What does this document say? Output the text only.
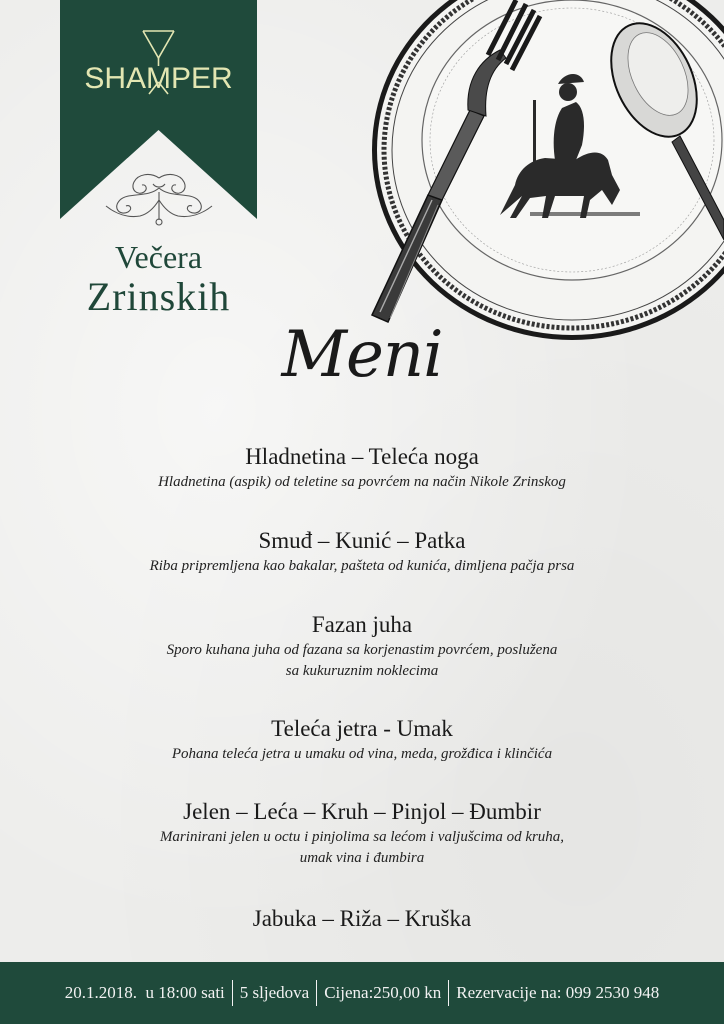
SHAMPER
Večera
Zrinskih
Meni
Hladnetina – Teleća noga
Hladnetina (aspik) od teletine sa povrćem na način Nikole Zrinskog
Smuđ – Kunić – Patka
Riba pripremljena kao bakalar, pašteta od kunića, dimljena pačja prsa
Fazan juha
Sporo kuhana juha od fazana sa korjenastim povrćem, poslužena
sa kukuruznim noklecima
Teleća jetra - Umak
Pohana teleća jetra u umaku od vina, meda, grožđica i klinčića
Jelen – Leća – Kruh – Pinjol – Đumbir
Marinirani jelen u octu i pinjolima sa lećom i valjušcima od kruha,
umak vina i đumbira
Jabuka – Riža – Kruška
20.1.2018.  u 18:00 sati 5 sljedova Cijena:250,00 kn Rezervacije na: 099 2530 948
